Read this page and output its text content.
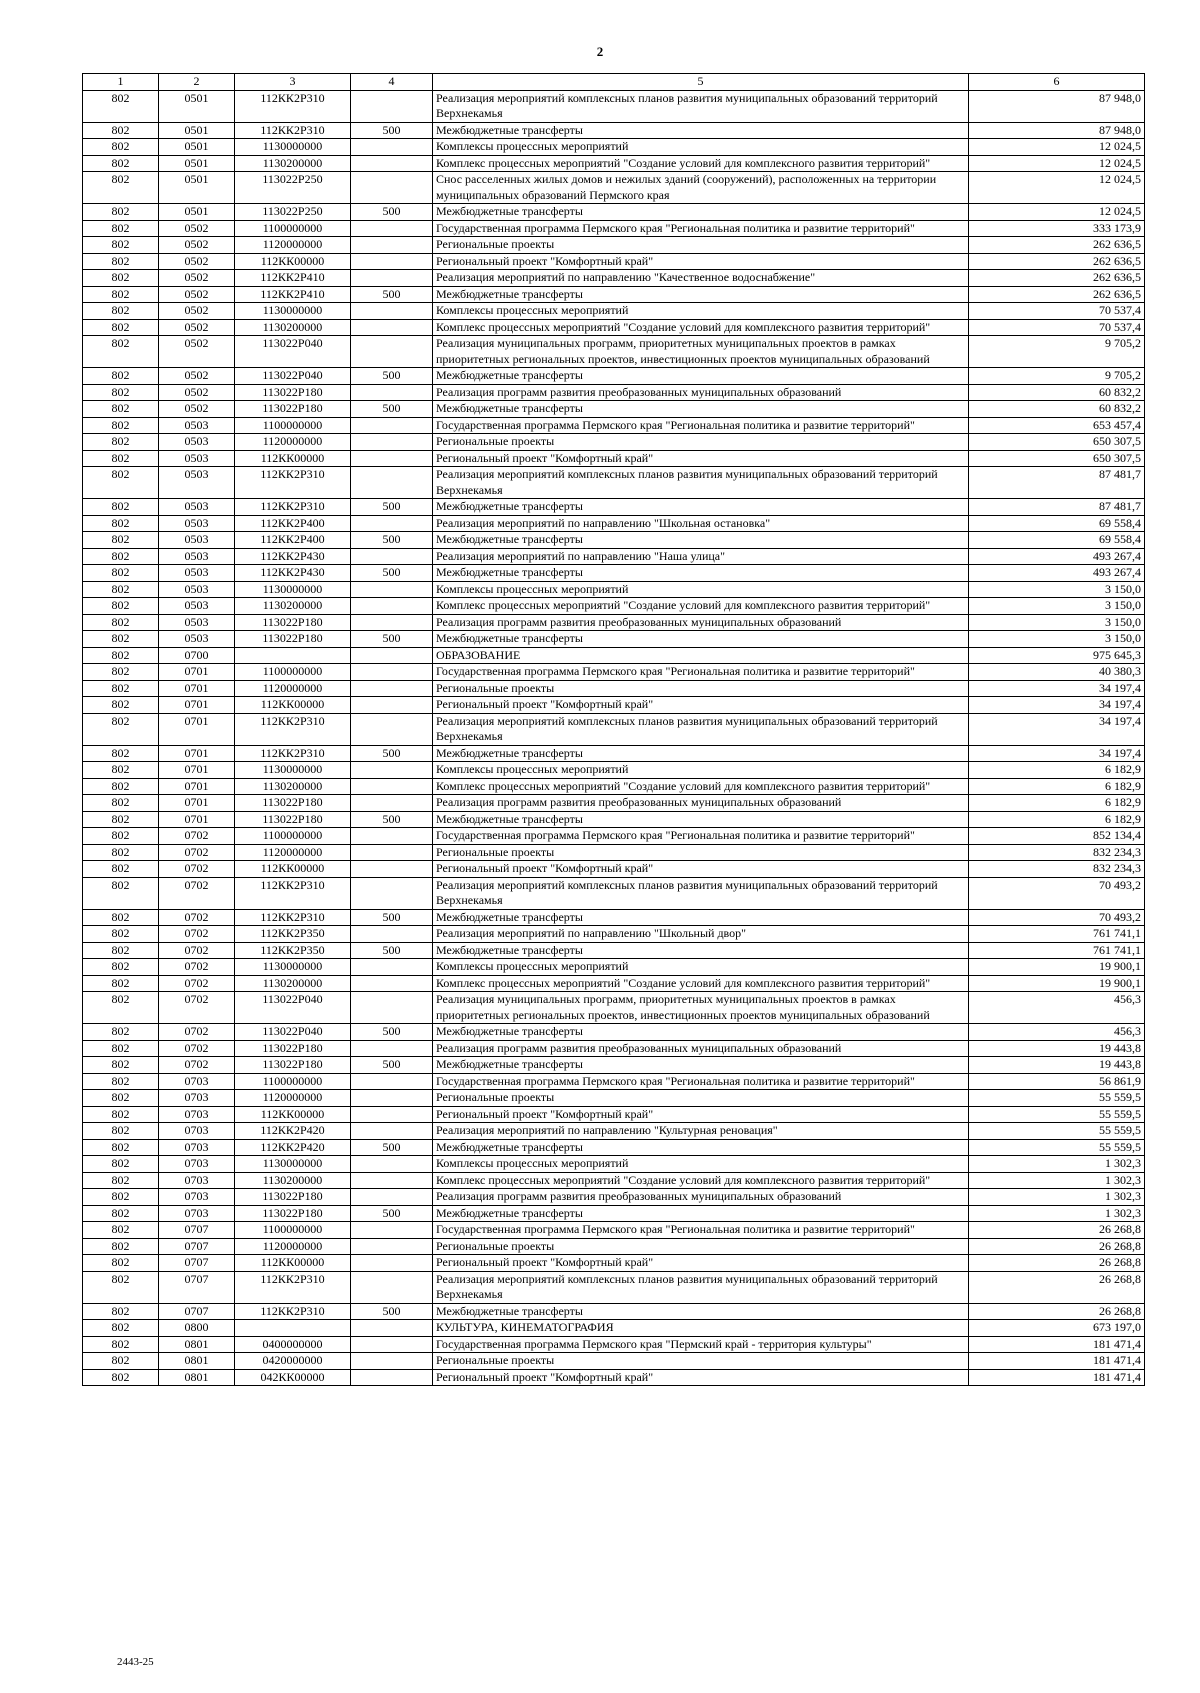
2
1	2	3	4	5	6
802	0501	112КК2Р310		Реализация мероприятий комплексных планов развития муниципальных образований территорий Верхнекамья	87 948,0
802	0501	112КК2Р310	500	Межбюджетные трансферты	87 948,0
802	0501	1130000000		Комплексы процессных мероприятий	12 024,5
802	0501	1130200000		Комплекс процессных мероприятий "Создание условий для комплексного развития территорий"	12 024,5
802	0501	113022Р250		Снос расселенных жилых домов и нежилых зданий (сооружений), расположенных на территории муниципальных образований Пермского края	12 024,5
802	0501	113022Р250	500	Межбюджетные трансферты	12 024,5
802	0502	1100000000		Государственная программа Пермского края "Региональная политика и развитие территорий"	333 173,9
802	0502	1120000000		Региональные проекты	262 636,5
802	0502	112КК00000		Региональный проект "Комфортный край"	262 636,5
802	0502	112КК2Р410		Реализация мероприятий по направлению "Качественное водоснабжение"	262 636,5
802	0502	112КК2Р410	500	Межбюджетные трансферты	262 636,5
802	0502	1130000000		Комплексы процессных мероприятий	70 537,4
802	0502	1130200000		Комплекс процессных мероприятий "Создание условий для комплексного развития территорий"	70 537,4
802	0502	113022Р040		Реализация муниципальных программ, приоритетных муниципальных проектов в рамках приоритетных региональных проектов, инвестиционных проектов муниципальных образований	9 705,2
802	0502	113022Р040	500	Межбюджетные трансферты	9 705,2
802	0502	113022Р180		Реализация программ развития преобразованных муниципальных образований	60 832,2
802	0502	113022Р180	500	Межбюджетные трансферты	60 832,2
802	0503	1100000000		Государственная программа Пермского края "Региональная политика и развитие территорий"	653 457,4
802	0503	1120000000		Региональные проекты	650 307,5
802	0503	112КК00000		Региональный проект "Комфортный край"	650 307,5
802	0503	112КК2Р310		Реализация мероприятий комплексных планов развития муниципальных образований территорий Верхнекамья	87 481,7
802	0503	112КК2Р310	500	Межбюджетные трансферты	87 481,7
802	0503	112КК2Р400		Реализация мероприятий по направлению "Школьная остановка"	69 558,4
802	0503	112КК2Р400	500	Межбюджетные трансферты	69 558,4
802	0503	112КК2Р430		Реализация мероприятий по направлению "Наша улица"	493 267,4
802	0503	112КК2Р430	500	Межбюджетные трансферты	493 267,4
802	0503	1130000000		Комплексы процессных мероприятий	3 150,0
802	0503	1130200000		Комплекс процессных мероприятий "Создание условий для комплексного развития территорий"	3 150,0
802	0503	113022Р180		Реализация программ развития преобразованных муниципальных образований	3 150,0
802	0503	113022Р180	500	Межбюджетные трансферты	3 150,0
802	0700			ОБРАЗОВАНИЕ	975 645,3
802	0701	1100000000		Государственная программа Пермского края "Региональная политика и развитие территорий"	40 380,3
802	0701	1120000000		Региональные проекты	34 197,4
802	0701	112КК00000		Региональный проект "Комфортный край"	34 197,4
802	0701	112КК2Р310		Реализация мероприятий комплексных планов развития муниципальных образований территорий Верхнекамья	34 197,4
802	0701	112КК2Р310	500	Межбюджетные трансферты	34 197,4
802	0701	1130000000		Комплексы процессных мероприятий	6 182,9
802	0701	1130200000		Комплекс процессных мероприятий "Создание условий для комплексного развития территорий"	6 182,9
802	0701	113022Р180		Реализация программ развития преобразованных муниципальных образований	6 182,9
802	0701	113022Р180	500	Межбюджетные трансферты	6 182,9
802	0702	1100000000		Государственная программа Пермского края "Региональная политика и развитие территорий"	852 134,4
802	0702	1120000000		Региональные проекты	832 234,3
802	0702	112КК00000		Региональный проект "Комфортный край"	832 234,3
802	0702	112КК2Р310		Реализация мероприятий комплексных планов развития муниципальных образований территорий Верхнекамья	70 493,2
802	0702	112КК2Р310	500	Межбюджетные трансферты	70 493,2
802	0702	112КК2Р350		Реализация мероприятий по направлению "Школьный двор"	761 741,1
802	0702	112КК2Р350	500	Межбюджетные трансферты	761 741,1
802	0702	1130000000		Комплексы процессных мероприятий	19 900,1
802	0702	1130200000		Комплекс процессных мероприятий "Создание условий для комплексного развития территорий"	19 900,1
802	0702	113022Р040		Реализация муниципальных программ, приоритетных муниципальных проектов в рамках приоритетных региональных проектов, инвестиционных проектов муниципальных образований	456,3
802	0702	113022Р040	500	Межбюджетные трансферты	456,3
802	0702	113022Р180		Реализация программ развития преобразованных муниципальных образований	19 443,8
802	0702	113022Р180	500	Межбюджетные трансферты	19 443,8
802	0703	1100000000		Государственная программа Пермского края "Региональная политика и развитие территорий"	56 861,9
802	0703	1120000000		Региональные проекты	55 559,5
802	0703	112КК00000		Региональный проект "Комфортный край"	55 559,5
802	0703	112КК2Р420		Реализация мероприятий по направлению "Культурная реновация"	55 559,5
802	0703	112КК2Р420	500	Межбюджетные трансферты	55 559,5
802	0703	1130000000		Комплексы процессных мероприятий	1 302,3
802	0703	1130200000		Комплекс процессных мероприятий "Создание условий для комплексного развития территорий"	1 302,3
802	0703	113022Р180		Реализация программ развития преобразованных муниципальных образований	1 302,3
802	0703	113022Р180	500	Межбюджетные трансферты	1 302,3
802	0707	1100000000		Государственная программа Пермского края "Региональная политика и развитие территорий"	26 268,8
802	0707	1120000000		Региональные проекты	26 268,8
802	0707	112КК00000		Региональный проект "Комфортный край"	26 268,8
802	0707	112КК2Р310		Реализация мероприятий комплексных планов развития муниципальных образований территорий Верхнекамья	26 268,8
802	0707	112КК2Р310	500	Межбюджетные трансферты	26 268,8
802	0800			КУЛЬТУРА, КИНЕМАТОГРАФИЯ	673 197,0
802	0801	0400000000		Государственная программа Пермского края "Пермский край - территория культуры"	181 471,4
802	0801	0420000000		Региональные проекты	181 471,4
802	0801	042КК00000		Региональный проект "Комфортный край"	181 471,4
2443-25
